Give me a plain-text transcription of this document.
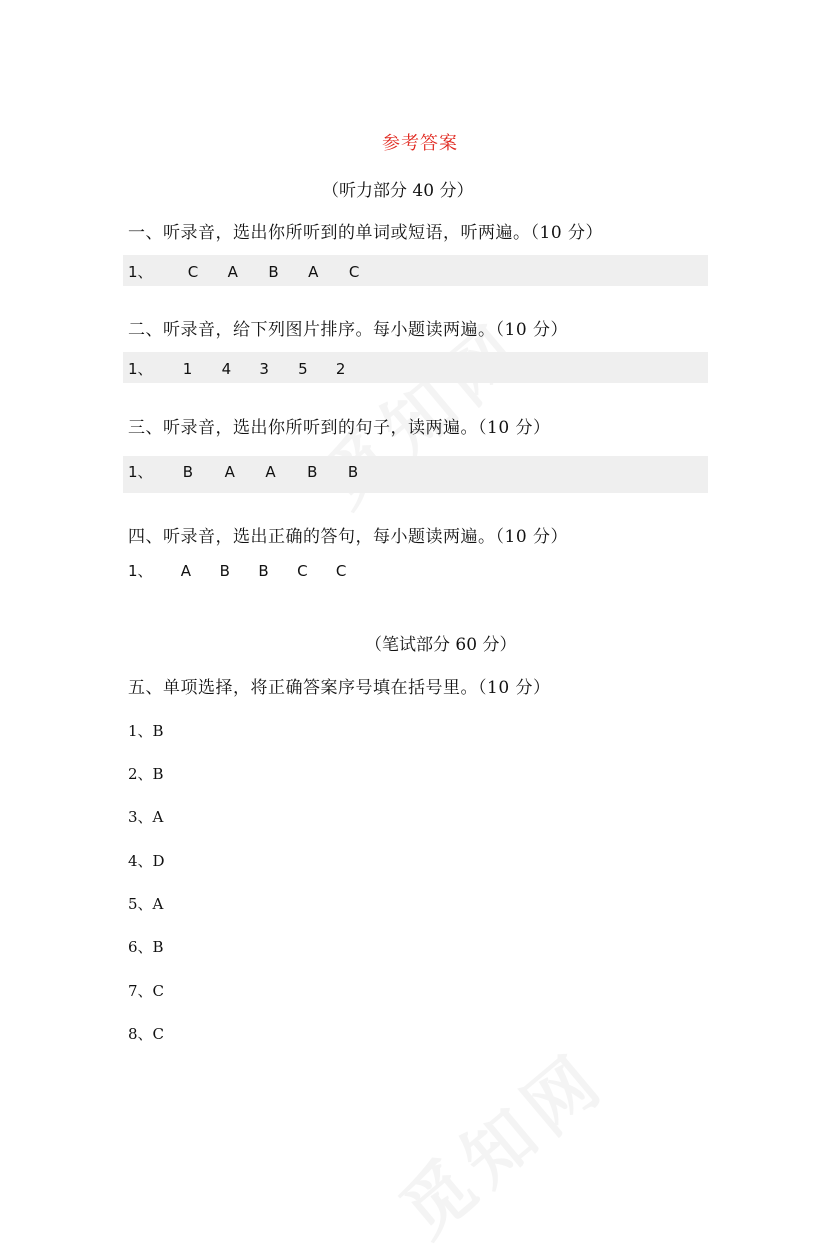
参考答案
（听力部分 40 分）
一、听录音，选出你所听到的单词或短语，听两遍。（10 分）
1、 C A B A C
二、听录音，给下列图片排序。每小题读两遍。（10 分）
1、 1 4 3 5 2
三、听录音，选出你所听到的句子，读两遍。（10 分）
1、 B A A B B
四、听录音，选出正确的答句，每小题读两遍。（10 分）
1、 A B B C C
（笔试部分 60 分）
五、单项选择，将正确答案序号填在括号里。（10 分）
1、B
2、B
3、A
4、D
5、A
6、B
7、C
8、C
